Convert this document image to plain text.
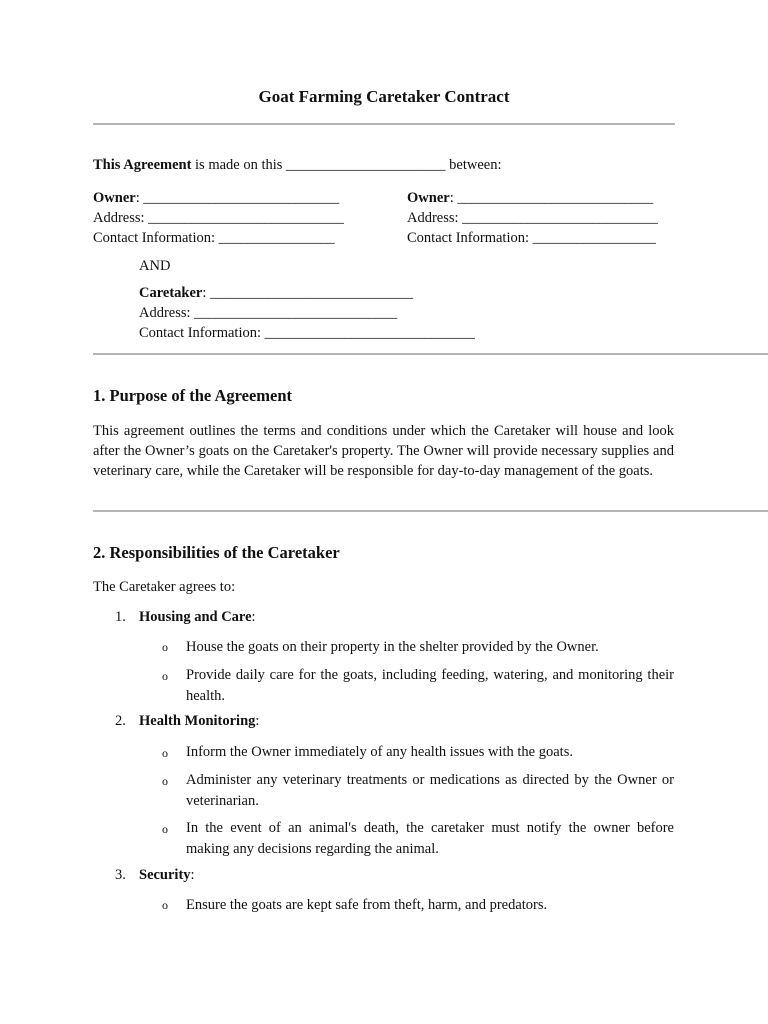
Goat Farming Caretaker Contract
This Agreement is made on this ______________________ between:
Owner: ___________________________
Address: ___________________________
Contact Information: ________________
Owner: ___________________________
Address: ___________________________
Contact Information: _________________
AND
Caretaker: ____________________________
Address: ____________________________
Contact Information: _____________________________
1. Purpose of the Agreement
This agreement outlines the terms and conditions under which the Caretaker will house and look after the Owner’s goats on the Caretaker's property. The Owner will provide necessary supplies and veterinary care, while the Caretaker will be responsible for day-to-day management of the goats.
2. Responsibilities of the Caretaker
The Caretaker agrees to:
1. Housing and Care:
o House the goats on their property in the shelter provided by the Owner.
o Provide daily care for the goats, including feeding, watering, and monitoring their health.
2. Health Monitoring:
o Inform the Owner immediately of any health issues with the goats.
o Administer any veterinary treatments or medications as directed by the Owner or veterinarian.
o In the event of an animal's death, the caretaker must notify the owner before making any decisions regarding the animal.
3. Security:
o Ensure the goats are kept safe from theft, harm, and predators.
